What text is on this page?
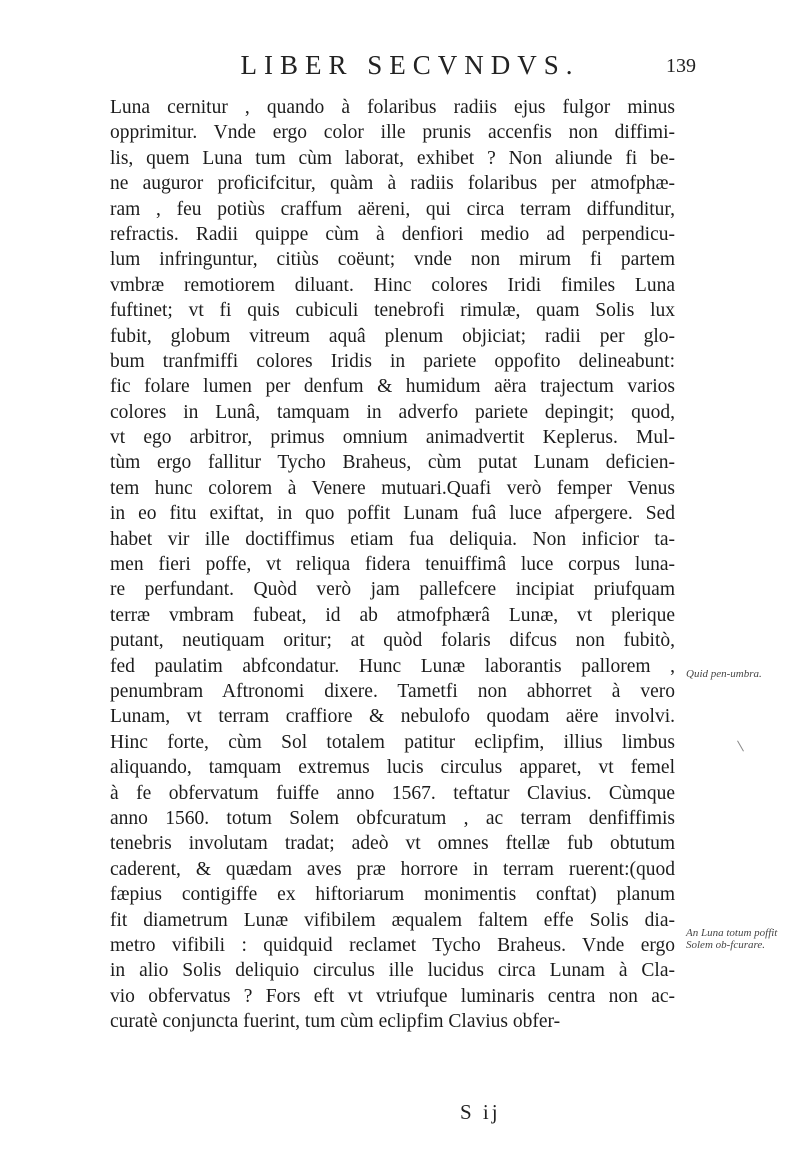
LIBER SECVNDVS.	139
Luna cernitur , quando à folaribus radiis ejus fulgor minus
opprimitur. Vnde ergo color ille prunis accenfis non diffimi-
lis, quem Luna tum cùm laborat, exhibet ? Non aliunde fi be-
ne auguror proficifcitur, quàm à radiis folaribus per atmofphæ-
ram , feu potiùs craffum aëreni, qui circa terram diffunditur,
refractis. Radii quippe cùm à denfiori medio ad perpendicu-
lum infringuntur, citiùs coëunt; vnde non mirum fi partem
vmbræ remotiorem diluant. Hinc colores Iridi fimiles Luna
fuftinet; vt fi quis cubiculi tenebrofi rimulæ, quam Solis lux
fubit, globum vitreum aquâ plenum objiciat; radii per glo-
bum tranfmiffi colores Iridis in pariete oppofito delineabunt:
fic folare lumen per denfum & humidum aëra trajectum varios
colores in Lunâ, tamquam in adverfo pariete depingit; quod,
vt ego arbitror, primus omnium animadvertit Keplerus. Mul-
tùm ergo fallitur Tycho Braheus, cùm putat Lunam deficien-
tem hunc colorem à Venere mutuari.Quafi verò femper Venus
in eo fitu exiftat, in quo poffit Lunam fuâ luce afpergere. Sed
habet vir ille doctiffimus etiam fua deliquia. Non inficior ta-
men fieri poffe, vt reliqua fidera tenuiffimâ luce corpus luna-
re perfundant. Quòd verò jam pallefcere incipiat priufquam
terræ vmbram fubeat, id ab atmofphærâ Lunæ, vt plerique
putant, neutiquam oritur; at quòd folaris difcus non fubitò,
fed paulatim abfcondatur. Hunc Lunæ laborantis pallorem ,
penumbram Aftronomi dixere. Tametfi non abhorret à vero
Lunam, vt terram craffiore & nebulofo quodam aëre involvi.
Hinc forte, cùm Sol totalem patitur eclipfim, illius limbus
aliquando, tamquam extremus lucis circulus apparet, vt femel
à fe obfervatum fuiffe anno 1567. teftatur Clavius. Cùmque
anno 1560. totum Solem obfcuratum , ac terram denfiffimis
tenebris involutam tradat; adeò vt omnes ftellæ fub obtutum
caderent, & quædam aves præ horrore in terram ruerent:(quod
fæpius contigiffe ex hiftoriarum monimentis conftat) planum
fit diametrum Lunæ vifibilem æqualem faltem effe Solis dia-
metro vifibili : quidquid reclamet Tycho Braheus. Vnde ergo
in alio Solis deliquio circulus ille lucidus circa Lunam à Cla-
vio obfervatus ? Fors eft vt vtriufque luminaris centra non ac-
curatè conjuncta fuerint, tum cùm eclipfim Clavius obfer-
Quid pen-umbra.
An Luna totum poffit Solem ob-fcurare.
S ij
